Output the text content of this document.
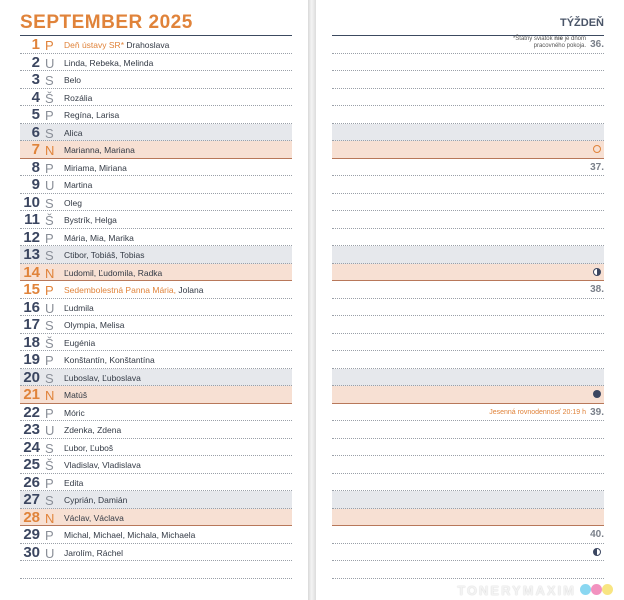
SEPTEMBER 2025
1 P Deň ústavy SR* Drahoslava
2 U Linda, Rebeka, Melinda
3 S Belo
4 Š Rozália
5 P Regína, Larisa
6 S Alica
7 N Marianna, Mariana
8 P Miriama, Miriana
9 U Martina
10 S Oleg
11 Š Bystrík, Helga
12 P Mária, Mia, Marika
13 S Ctibor, Tobiáš, Tobias
14 N Ľudomil, Ľudomila, Radka
15 P Sedembolestná Panna Mária, Jolana
16 U Ľudmila
17 S Olympia, Melisa
18 Š Eugénia
19 P Konštantín, Konštantína
20 S Ľuboslav, Ľuboslava
21 N Matúš
22 P Móric
23 U Zdenka, Zdena
24 S Ľubor, Ľuboš
25 Š Vladislav, Vladislava
26 P Edita
27 S Cyprián, Damián
28 N Václav, Václava
29 P Michal, Michael, Michala, Michaela
30 U Jarolím, Ráchel
TÝŽDEŇ
*Štátny sviatok nie je dňom
pracovného pokoja. 36.
37.
38.
39.
Jesenná rovnodennosť 20:19 h
40.
TONERYMAXIM
